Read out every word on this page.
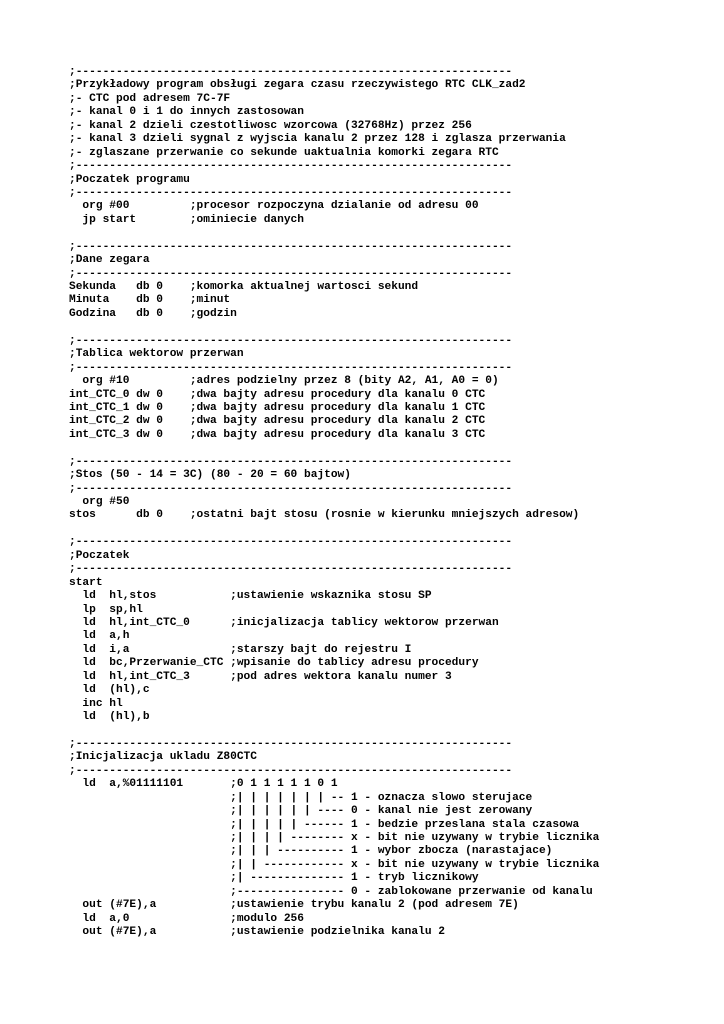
;-----------------------------------------------------------------
;Przykładowy program obsługi zegara czasu rzeczywistego RTC CLK_zad2
;- CTC pod adresem 7C-7F
;- kanal 0 i 1 do innych zastosowan
;- kanal 2 dzieli czestotliwosc wzorcowa (32768Hz) przez 256
;- kanal 3 dzieli sygnal z wyjscia kanalu 2 przez 128 i zglasza przerwania
;- zglaszane przerwanie co sekunde uaktualnia komorki zegara RTC
;-----------------------------------------------------------------
;Poczatek programu
;-----------------------------------------------------------------
org #00         ;procesor rozpoczyna dzialanie od adresu 00
jp start        ;ominiecie danych
;-----------------------------------------------------------------
;Dane zegara
;-----------------------------------------------------------------
Sekunda   db 0    ;komorka aktualnej wartosci sekund
Minuta    db 0    ;minut
Godzina   db 0    ;godzin
;-----------------------------------------------------------------
;Tablica wektorow przerwan
;-----------------------------------------------------------------
org #10         ;adres podzielny przez 8 (bity A2, A1, A0 = 0)
int_CTC_0 dw 0    ;dwa bajty adresu procedury dla kanalu 0 CTC
int_CTC_1 dw 0    ;dwa bajty adresu procedury dla kanalu 1 CTC
int_CTC_2 dw 0    ;dwa bajty adresu procedury dla kanalu 2 CTC
int_CTC_3 dw 0    ;dwa bajty adresu procedury dla kanalu 3 CTC
;-----------------------------------------------------------------
;Stos (50 - 14 = 3C) (80 - 20 = 60 bajtow)
;-----------------------------------------------------------------
org #50
stos      db 0    ;ostatni bajt stosu (rosnie w kierunku mniejszych adresow)
;-----------------------------------------------------------------
;Poczatek
;-----------------------------------------------------------------
start
ld  hl,stos           ;ustawienie wskaznika stosu SP
lp  sp,hl
ld  hl,int_CTC_0      ;inicjalizacja tablicy wektorow przerwan
ld  a,h
ld  i,a               ;starszy bajt do rejestru I
ld  bc,Przerwanie_CTC ;wpisanie do tablicy adresu procedury
ld  hl,int_CTC_3      ;pod adres wektora kanalu numer 3
ld  (hl),c
inc hl
ld  (hl),b
;-----------------------------------------------------------------
;Inicjalizacja ukladu Z80CTC
;-----------------------------------------------------------------
ld  a,%01111101       ;0 1 1 1 1 1 0 1
;| | | | | | | -- 1 - oznacza slowo sterujace
;| | | | | | ---- 0 - kanal nie jest zerowany
;| | | | | ------ 1 - bedzie przeslana stala czasowa
;| | | | -------- x - bit nie uzywany w trybie licznika
;| | | ---------- 1 - wybor zbocza (narastajace)
;| | ------------ x - bit nie uzywany w trybie licznika
;| -------------- 1 - tryb licznikowy
;---------------- 0 - zablokowane przerwanie od kanalu
out (#7E),a           ;ustawienie trybu kanalu 2 (pod adresem 7E)
ld  a,0               ;modulo 256
out (#7E),a           ;ustawienie podzielnika kanalu 2
